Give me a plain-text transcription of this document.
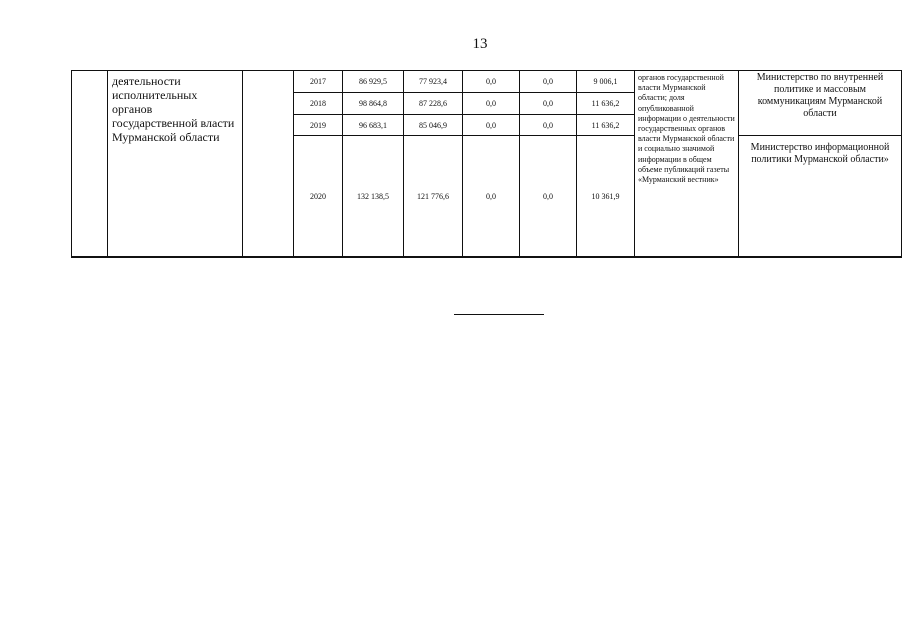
13
	деятельности исполнительных органов государственной власти Мурманской области		2017	86 929,5	77 923,4	0,0	0,0	9 006,1	органов государственной власти Мурманской области; доля опубликованной информации о деятельности государственных органов власти Мурманской области и социально значимой информации в общем объеме публикаций газеты «Мурманский вестник»	Министерство по внутренней политике и массовым коммуникациям Мурманской области
			2018	98 864,8	87 228,6	0,0	0,0	11 636,2		
			2019	96 683,1	85 046,9	0,0	0,0	11 636,2		
			2020	132 138,5	121 776,6	0,0	0,0	10 361,9		Министерство информационной политики Мурманской области»
